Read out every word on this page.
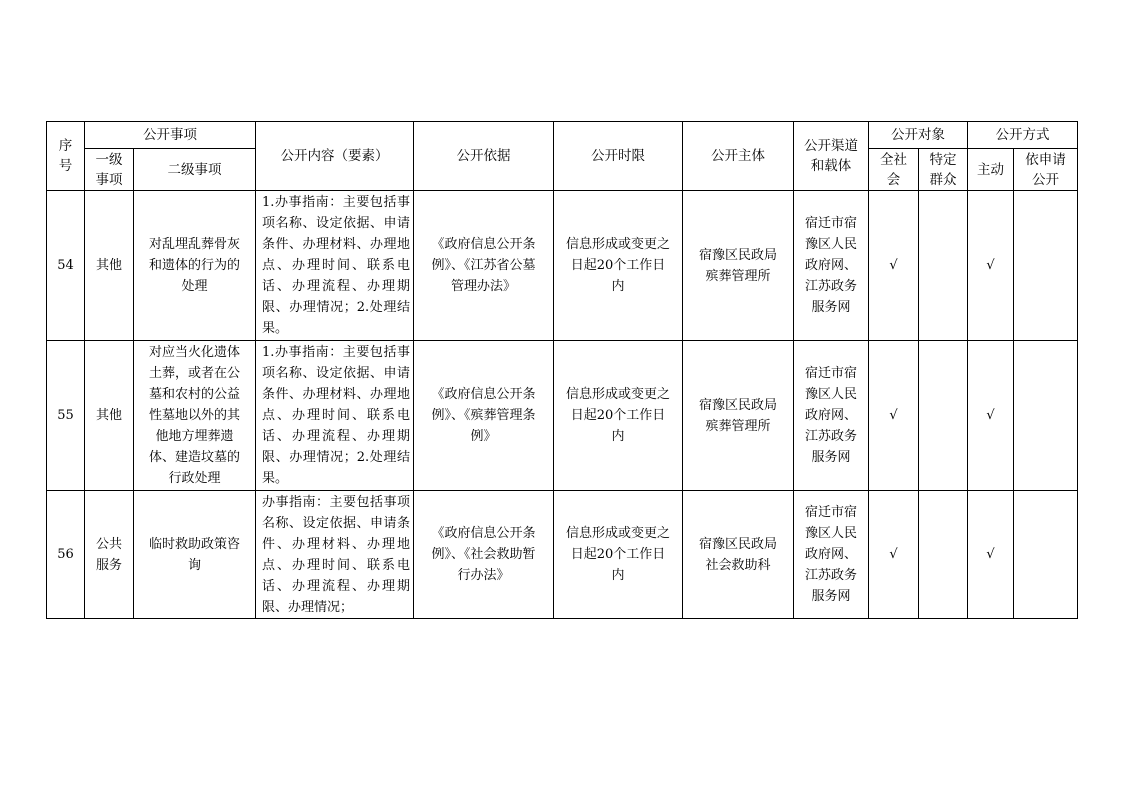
序号	公开事项		公开内容（要素）	公开依据	公开时限	公开主体	公开渠道和载体	公开对象		公开方式	

	一级事项	二级事项						全社会	特定群众	主动	依申请公开

54	其他	对乱埋乱葬骨灰和遗体的行为的处理	1.办事指南：主要包括事项名称、设定依据、申请条件、办理材料、办理地点、办理时间、联系电话、办理流程、办理期限、办理情况；2.处理结果。	《政府信息公开条例》、《江苏省公墓管理办法》	信息形成或变更之日起20个工作日内	宿豫区民政局殡葬管理所	宿迁市宿豫区人民政府网、江苏政务服务网	√		√	
55	其他	对应当火化遗体土葬，或者在公墓和农村的公益性墓地以外的其他地方埋葬遗体、建造坟墓的行政处理	1.办事指南：主要包括事项名称、设定依据、申请条件、办理材料、办理地点、办理时间、联系电话、办理流程、办理期限、办理情况；2.处理结果。	《政府信息公开条例》、《殡葬管理条例》	信息形成或变更之日起20个工作日内	宿豫区民政局殡葬管理所	宿迁市宿豫区人民政府网、江苏政务服务网	√		√	
56	公共服务	临时救助政策咨询	办事指南：主要包括事项名称、设定依据、申请条件、办理材料、办理地点、办理时间、联系电话、办理流程、办理期限、办理情况；	《政府信息公开条例》、《社会救助暂行办法》	信息形成或变更之日起20个工作日内	宿豫区民政局社会救助科	宿迁市宿豫区人民政府网、江苏政务服务网	√		√	
